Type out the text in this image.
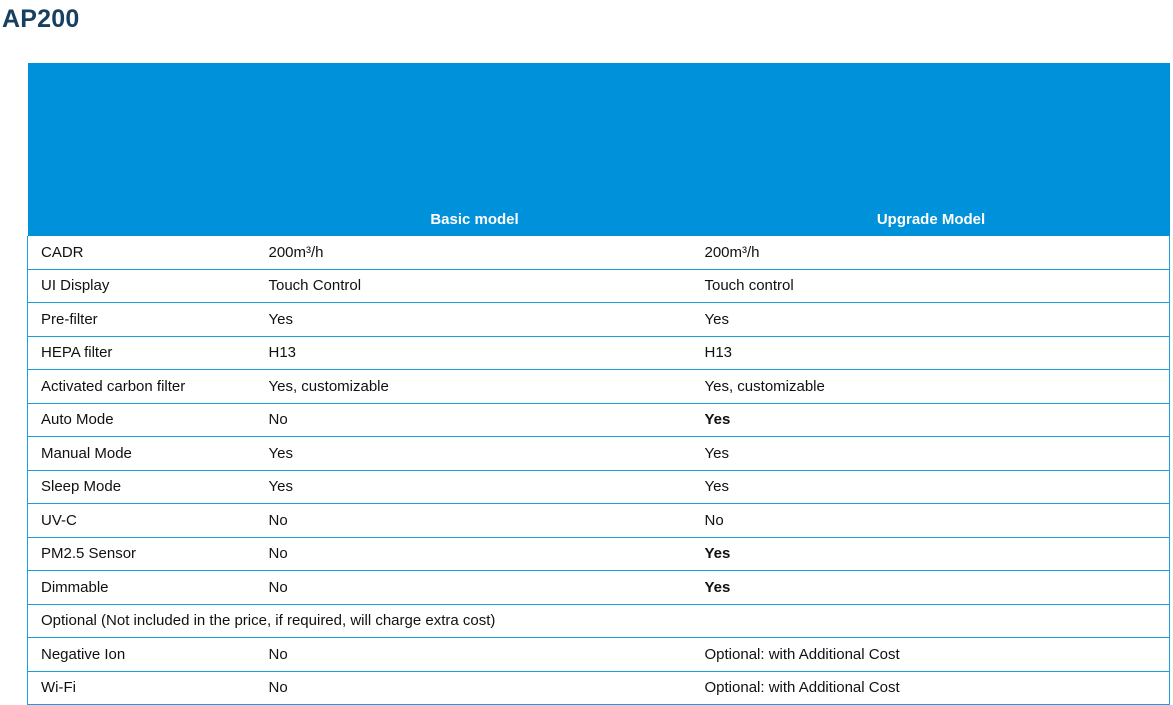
AP200
	Basic model	Upgrade Model
CADR	200m³/h	200m³/h
UI Display	Touch Control	Touch control
Pre-filter	Yes	Yes
HEPA filter	H13	H13
Activated carbon filter	Yes, customizable	Yes, customizable
Auto Mode	No	Yes
Manual Mode	Yes	Yes
Sleep Mode	Yes	Yes
UV-C	No	No
PM2.5 Sensor	No	Yes
Dimmable	No	Yes
Optional (Not included in the price, if required, will charge extra cost)		
Negative Ion	No	Optional: with Additional Cost
Wi-Fi	No	Optional: with Additional Cost
